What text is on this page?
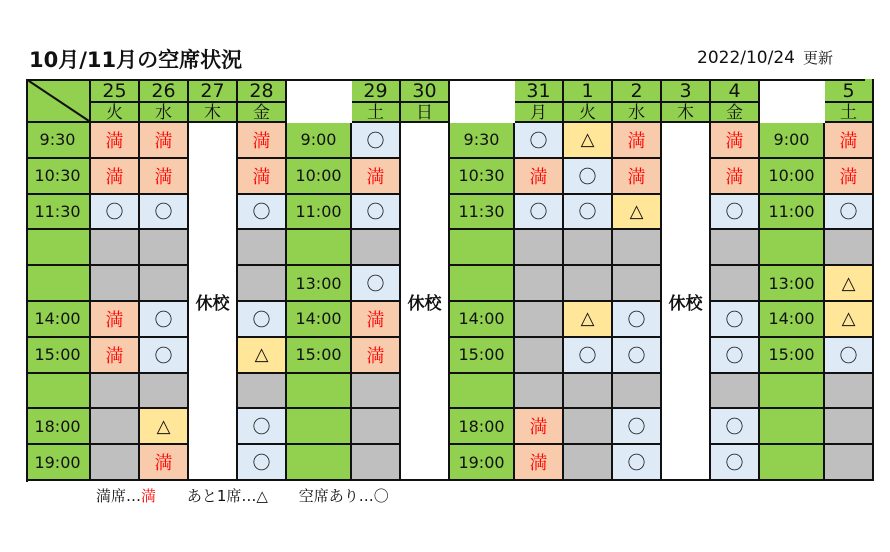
10月/11月の空席状況	2022/10/24 更新
9:30
10:30
11:30
14:00
15:00
18:00
19:00
25
火
満
満
〇
満
満
26
水
満
満
〇
〇
〇
△
満
27
木
休校
28
金
満
満
〇
〇
△
〇
〇
9:00
10:00
11:00
13:00
14:00
15:00
29
土
〇
満
〇
〇
満
満
30
日
休校
9:30
10:30
11:30
14:00
15:00
18:00
19:00
31
月
〇
満
〇
満
満
1
火
△
〇
〇
△
〇
2
水
満
満
△
〇
〇
〇
〇
3
木
休校
4
金
満
満
〇
〇
〇
〇
〇
9:00
10:00
11:00
13:00
14:00
15:00
5
土
満
満
〇
△
△
〇
満席…満 あと1席…△ 空席あり…〇
